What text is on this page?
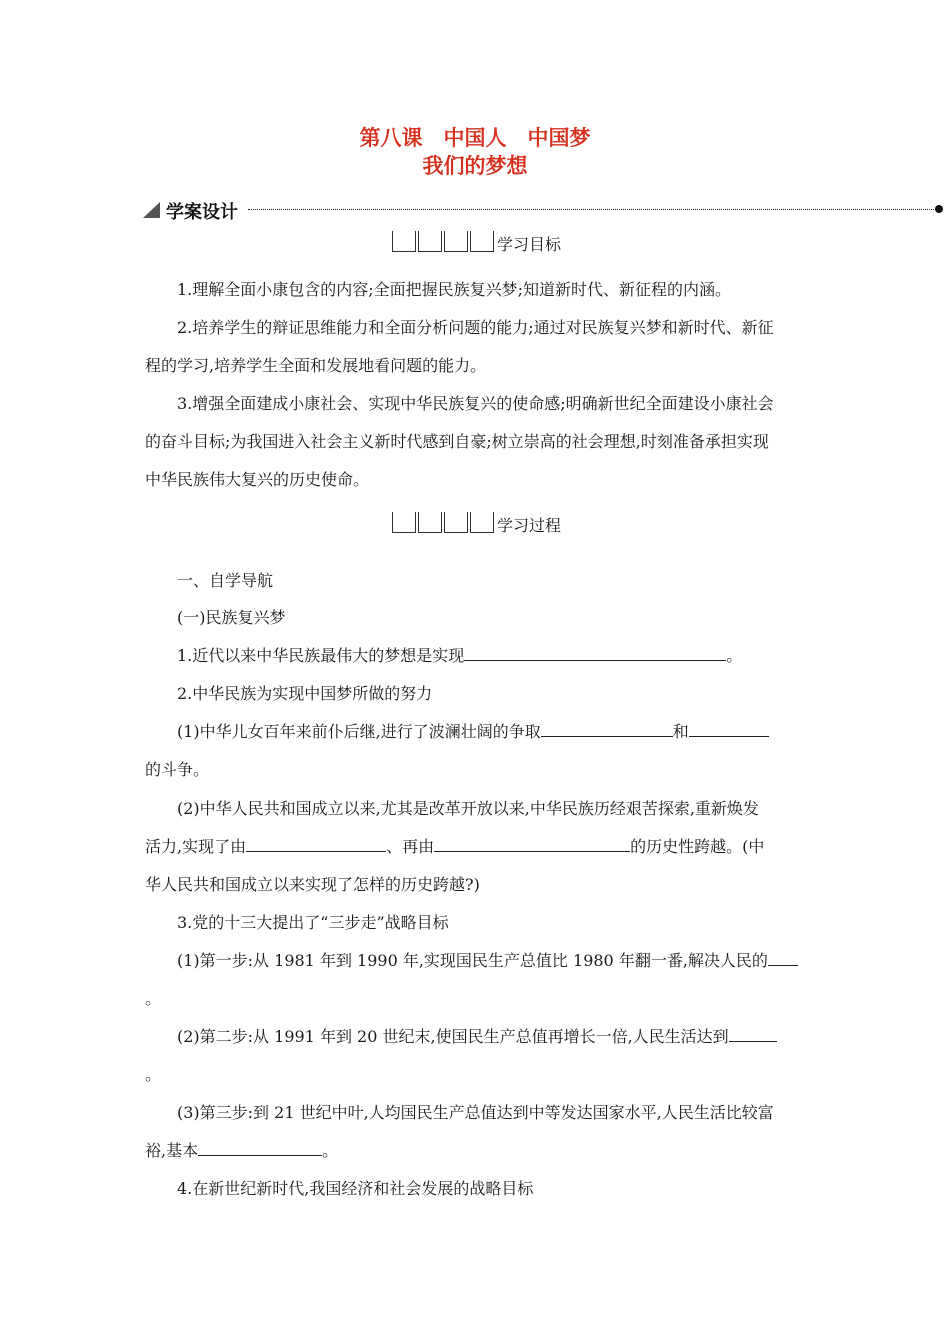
第八课　中国人　中国梦
我们的梦想
学案设计
学习目标
1.理解全面小康包含的内容;全面把握民族复兴梦;知道新时代、新征程的内涵。
2.培养学生的辩证思维能力和全面分析问题的能力;通过对民族复兴梦和新时代、新征
程的学习,培养学生全面和发展地看问题的能力。
3.增强全面建成小康社会、实现中华民族复兴的使命感;明确新世纪全面建设小康社会
的奋斗目标;为我国进入社会主义新时代感到自豪;树立崇高的社会理想,时刻准备承担实现
中华民族伟大复兴的历史使命。
学习过程
一、自学导航
(一)民族复兴梦
1.近代以来中华民族最伟大的梦想是实现	。
2.中华民族为实现中国梦所做的努力
(1)中华儿女百年来前仆后继,进行了波澜壮阔的争取	和
的斗争。
(2)中华人民共和国成立以来,尤其是改革开放以来,中华民族历经艰苦探索,重新焕发
活力,实现了由	、再由	的历史性跨越。(中
华人民共和国成立以来实现了怎样的历史跨越?)
3.党的十三大提出了“三步走”战略目标
(1)第一步:从 1981 年到 1990 年,实现国民生产总值比 1980 年翻一番,解决人民的
。
(2)第二步:从 1991 年到 20 世纪末,使国民生产总值再增长一倍,人民生活达到
。
(3)第三步:到 21 世纪中叶,人均国民生产总值达到中等发达国家水平,人民生活比较富
裕,基本	。
4.在新世纪新时代,我国经济和社会发展的战略目标
